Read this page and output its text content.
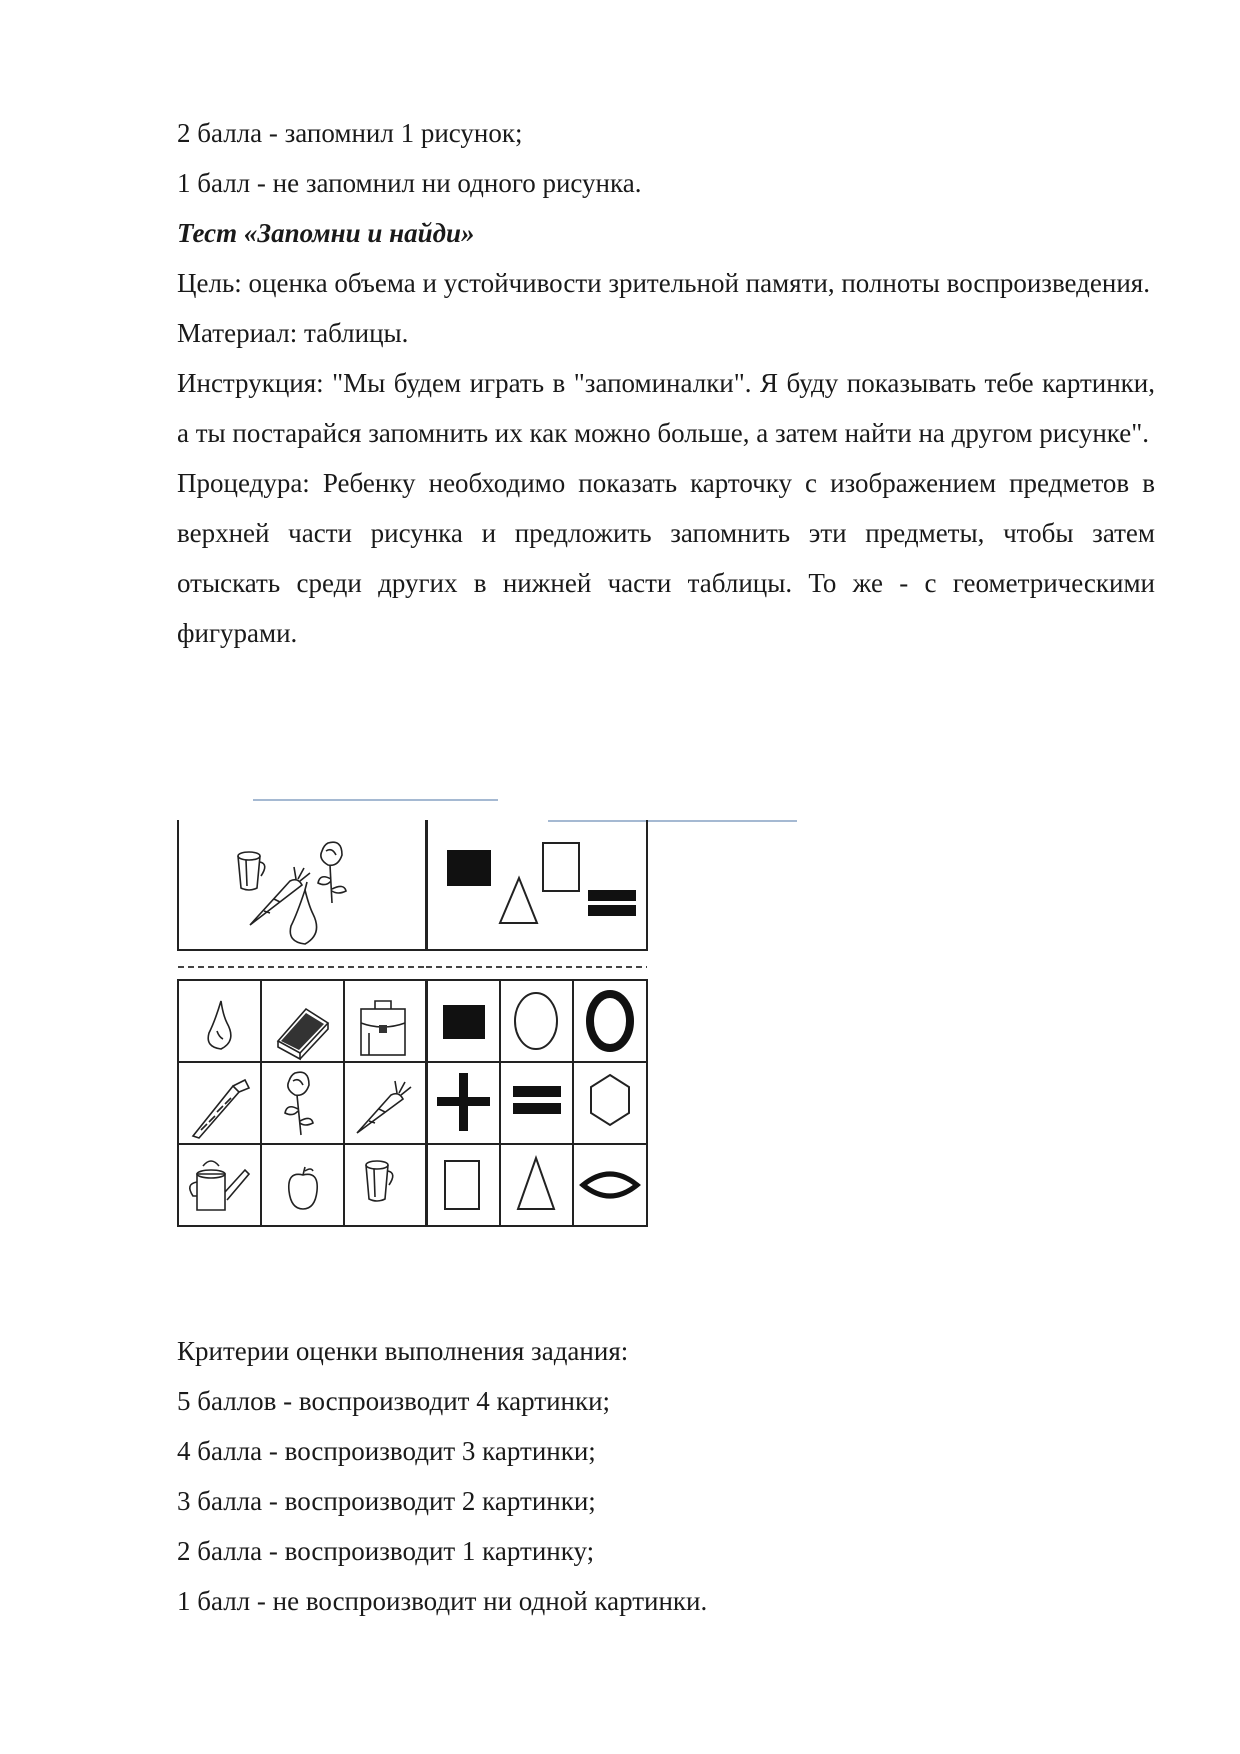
2 балла - запомнил 1 рисунок;

1 балл - не запомнил ни одного рисунка.

Тест «Запомни и найди»

Цель: оценка объема и устойчивости зрительной памяти, полноты воспроизведения.

Материал: таблицы.

Инструкция: "Мы будем играть в "запоминалки". Я буду показывать тебе картинки, а ты постарайся запомнить их как можно больше, а затем найти на другом рисунке".

Процедура: Ребенку необходимо показать карточку с изображением предметов в верхней части рисунка и предложить запомнить эти предметы, чтобы затем отыскать среди других в нижней части таблицы. То же - с геометрическими фигурами.

Критерии оценки выполнения задания:

5 баллов - воспроизводит 4 картинки;

4 балла - воспроизводит 3 картинки;

3 балла - воспроизводит 2 картинки;

2 балла - воспроизводит 1 картинку;

1 балл - не воспроизводит ни одной картинки.
